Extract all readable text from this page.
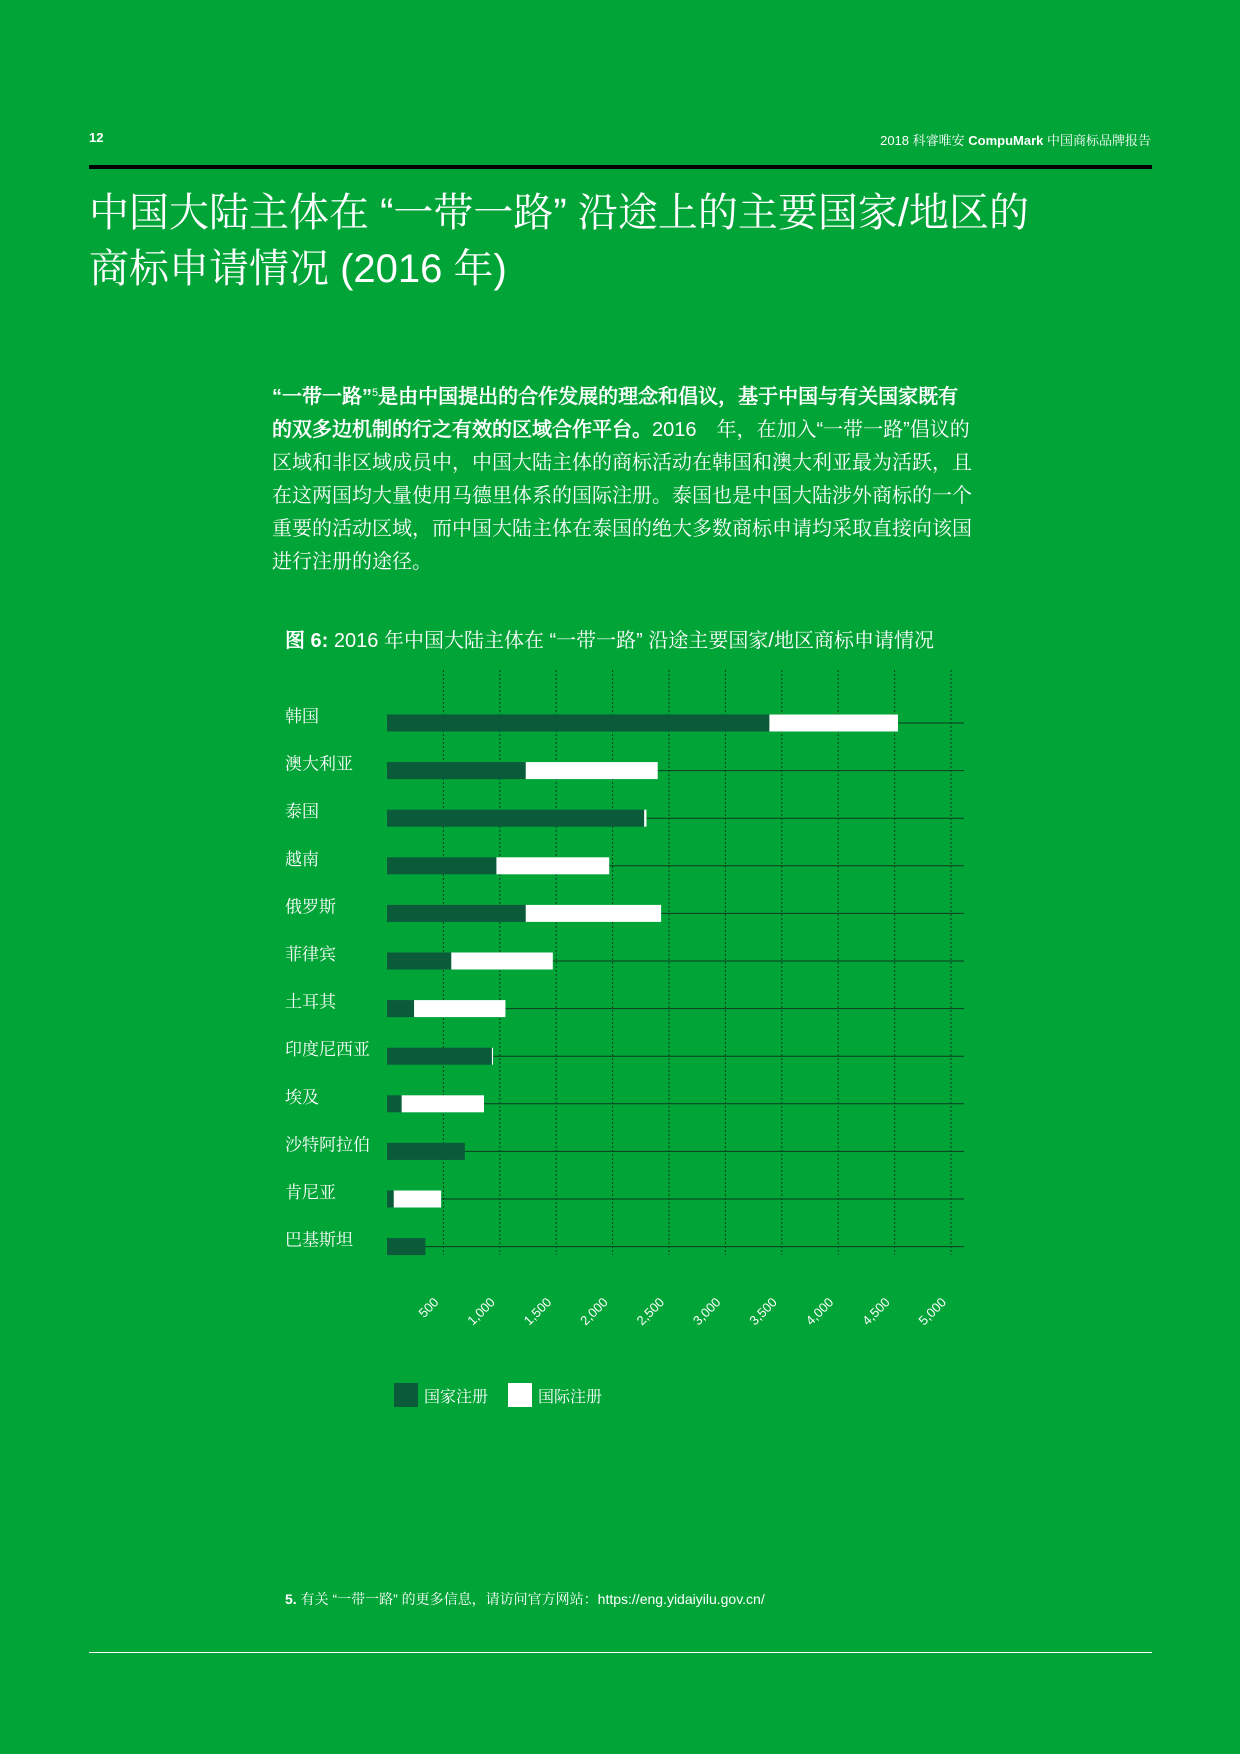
12	2018 科睿唯安 CompuMark 中国商标品牌报告
中国大陆主体在 “一带一路” 沿途上的主要国家/地区的
商标申请情况 (2016 年)

“一带一路”$^5$是由中国提出的合作发展的理念和倡议，基于中国与有关国家既有的双多边机制的行之有效的区域合作平台。2016　年，在加入“一带一路”倡议的区域和非区域成员中，中国大陆主体的商标活动在韩国和澳大利亚最为活跃，且在这两国均大量使用马德里体系的国际注册。泰国也是中国大陆涉外商标的一个重要的活动区域，而中国大陆主体在泰国的绝大多数商标申请均采取直接向该国进行注册的途径。

图 6: 2016 年中国大陆主体在 “一带一路” 沿途主要国家/地区商标申请情况
韩国
澳大利亚
泰国
越南
俄罗斯
菲律宾
土耳其
印度尼西亚
埃及
沙特阿拉伯
肯尼亚
巴基斯坦
500 1,000 1,500 2,000 2,500 3,000 3,500 4,000 4,500 5,000
国家注册	国际注册
5. 有关 “一带一路” 的更多信息，请访问官方网站：https://eng.yidaiyilu.gov.cn/
